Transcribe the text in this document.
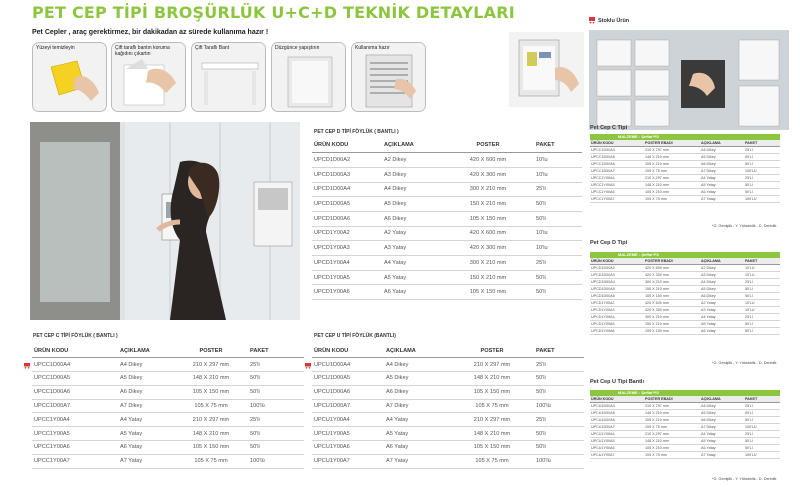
PET CEP TİPİ BROŞÜRLÜK U+C+D TEKNİK DETAYLARI
Pet Cepler , araç gerektirmez, bir dakikadan az sürede kullanıma hazır !
Yüzeyi temizleyin	Çift taraflı bantın koruma kağıdını çıkartın
Çift Taraflı Bant	Düzgünce yapıştırın	Kullanıma hazır
Stoklu Ürün
PET CEP D TİPİ FÖYLÜK ( BANTLI )
ÜRÜN KODU	AÇIKLAMA	POSTER	PAKET
UPCD1D00A2	A2 Dikey	420 X 600 mm	10'lu
UPCD1D00A3	A3 Dikey	420 X 300 mm	10'lu
UPCD1D00A4	A4 Dikey	300 X 210 mm	25'li
UPCD1D00A5	A5 Dikey	150 X 210 mm	50'li
UPCD1D00A6	A6 Dikey	105 X 150 mm	50'li
UPCD1Y00A2	A2 Yatay	420 X 600 mm	10'lu
UPCD1Y00A3	A3 Yatay	420 X 300 mm	10'lu
UPCD1Y00A4	A4 Yatay	300 X 210 mm	25'li
UPCD1Y00A5	A5 Yatay	150 X 210 mm	50'li
UPCD1Y00A6	A6 Yatay	105 X 150 mm	50'li
PET CEP C TİPİ FÖYLÜK ( BANTLI )
ÜRÜN KODU	AÇIKLAMA	POSTER	PAKET
UPCC1D00A4	A4 Dikey	210 X 297 mm	25'li
UPCC1D00A5	A5 Dikey	148 X 210 mm	50'li
UPCC1D00A6	A6 Dikey	105 X 150 mm	50'li
UPCC1D00A7	A7 Dikey	105 X 75 mm	100'lü
UPCC1Y00A4	A4 Yatay	210 X 297 mm	25'li
UPCC1Y00A5	A5 Yatay	148 X 210 mm	50'li
UPCC1Y00A6	A6 Yatay	105 X 150 mm	50'li
UPCC1Y00A7	A7 Yatay	105 X 75 mm	100'lü
PET CEP U TİPİ FÖYLÜK (BANTLI)
ÜRÜN KODU	AÇIKLAMA	POSTER	PAKET
UPCU1D00A4	A4 Dikey	210 X 297 mm	25'li
UPCU1D00A5	A5 Dikey	148 X 210 mm	50'li
UPCU1D00A6	A6 Dikey	105 X 150 mm	50'li
UPCU1D00A7	A7 Dikey	105 X 75 mm	100'lü
UPCU1Y00A4	A4 Yatay	210 X 297 mm	25'li
UPCU1Y00A5	A5 Yatay	148 X 210 mm	50'li
UPCU1Y00A6	A6 Yatay	105 X 150 mm	50'li
UPCU1Y00A7	A7 Yatay	105 X 75 mm	100'lü
Pet Cep C Tipi
MALZEME : Şeffaf PS
ÜRÜN KODU	POSTER EBADI	AÇIKLAMA	PAKET
UPCC1D00A4	210 X 297 mm	A4 Dikey	25'Lİ
UPCC1D00A5	148 X 210 mm	A5 Dikey	50'Lİ
UPCC1D00A6	105 X 210 mm	A6 Dikey	50'Lİ
UPCC1D00A7	105 X 75 mm	A7 Dikey	100'LÜ
UPCC1Y00A4	210 X 297 mm	A4 Yatay	25'Lİ
UPCC1Y00A5	148 X 210 mm	A5 Yatay	50'Lİ
UPCC1Y00A6	105 X 210 mm	A6 Yatay	50'Lİ
UPCC1Y00A7	105 X 75 mm	A7 Yatay	100'LÜ
*G. Genişlik - Y. Yükseklik - D. Derinlik
Pet Cep D Tipi
MALZEME : Şeffaf PS
ÜRÜN KODU	POSTER EBADI	AÇIKLAMA	PAKET
UPCD1D00A2	420 X 600 mm	A2 Dikey	10'LU
UPCD1D00A3	420 X 300 mm	A3 Dikey	10'LU
UPCD1D00A4	300 X 210 mm	A4 Dikey	25'Lİ
UPCD1D00A5	150 X 210 mm	A5 Dikey	50'Lİ
UPCD1D00A6	105 X 150 mm	A6 Dikey	50'Lİ
UPCD1Y00A2	420 X 600 mm	A2 Yatay	10'LU
UPCD1Y00A3	420 X 300 mm	A3 Yatay	10'LU
UPCD1Y00A4	300 X 210 mm	A4 Yatay	25'Lİ
UPCD1Y00A5	150 X 210 mm	A5 Yatay	50'Lİ
UPCD1Y00A6	105 X 150 mm	A6 Yatay	50'Lİ
*G. Genişlik - Y. Yükseklik - D. Derinlik
Pet Cep U Tipi Bantlı
MALZEME : Şeffaf PS
ÜRÜN KODU	POSTER EBADI	AÇIKLAMA	PAKET
UPCU1D00A4	210 X 297 mm	A4 Dikey	25'Lİ
UPCU1D00A5	148 X 210 mm	A5 Dikey	50'Lİ
UPCU1D00A6	105 X 210 mm	A6 Dikey	50'Lİ
UPCU1D00A7	105 X 75 mm	A7 Dikey	100'LÜ
UPCU1Y00A4	210 X 297 mm	A4 Yatay	25'Lİ
UPCU1Y00A5	148 X 210 mm	A5 Yatay	50'Lİ
UPCU1Y00A6	105 X 210 mm	A6 Yatay	50'Lİ
UPCU1Y00A7	105 X 75 mm	A7 Yatay	100'LÜ
*G. Genişlik - Y. Yükseklik - D. Derinlik
